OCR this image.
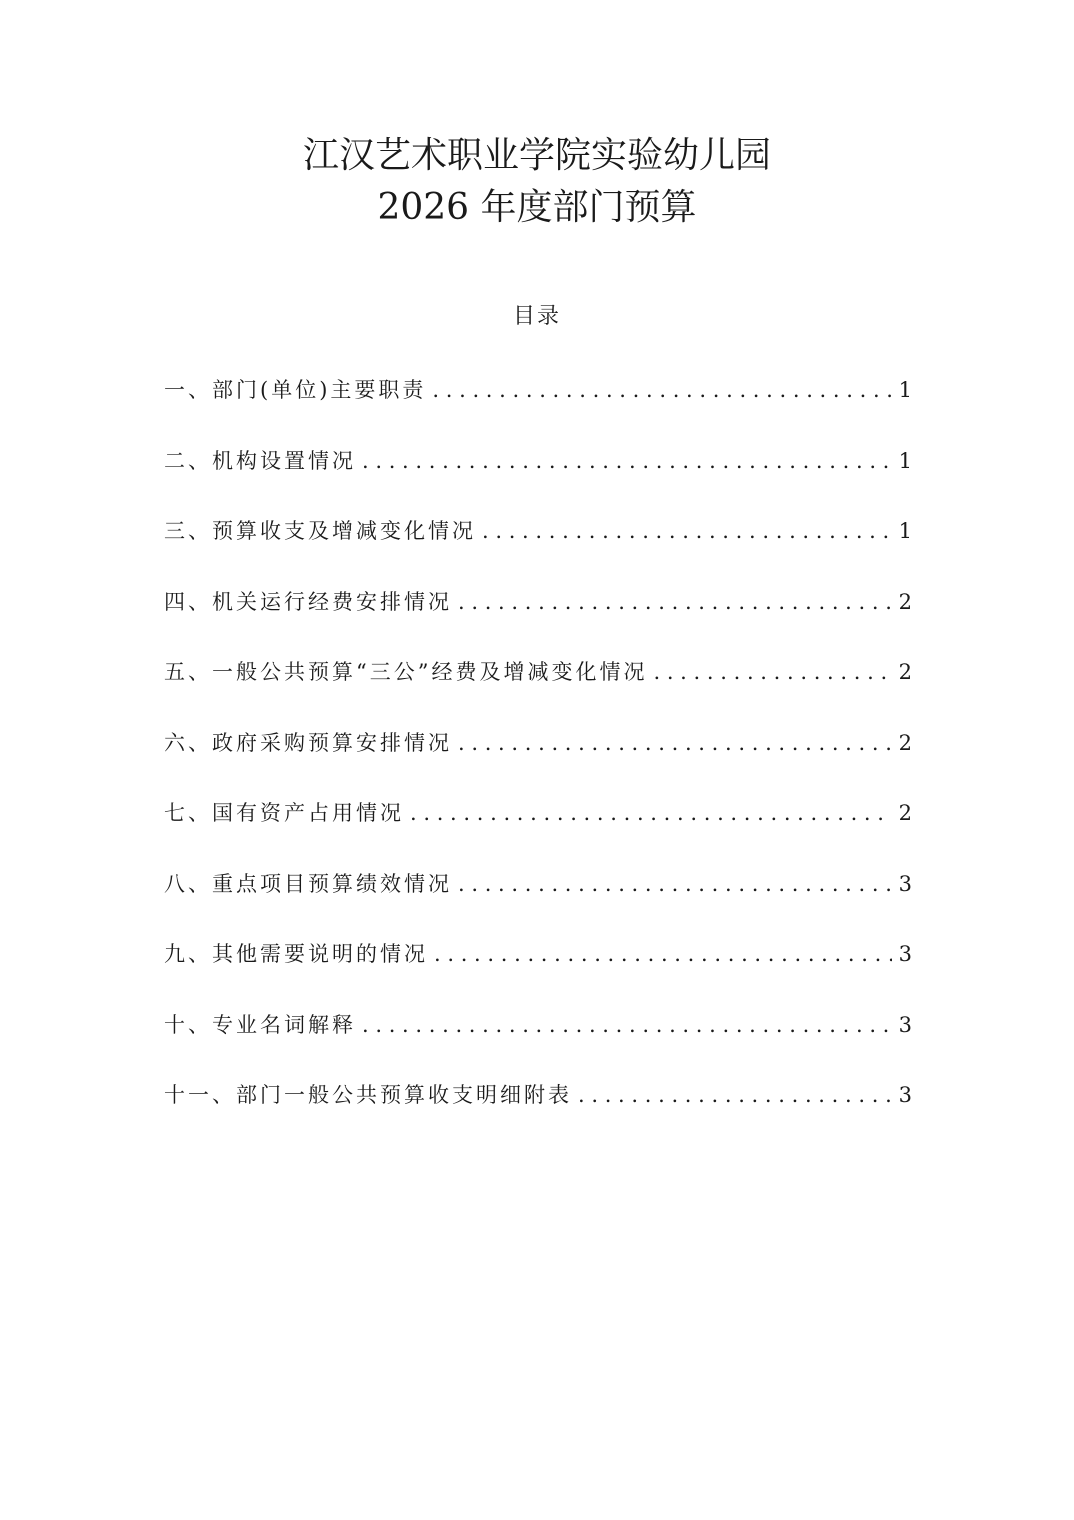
江汉艺术职业学院实验幼儿园
2026 年度部门预算
目录
一、部门(单位)主要职责 . . .	1
二、机构设置情况 . . .	1
三、预算收支及增减变化情况 . . .	1
四、机关运行经费安排情况 . . .	2
五、一般公共预算“三公”经费及增减变化情况 . . .	2
六、政府采购预算安排情况 . . .	2
七、国有资产占用情况 . . .	2
八、重点项目预算绩效情况 . . .	3
九、其他需要说明的情况 . . .	3
十、专业名词解释 . . .	3
十一、部门一般公共预算收支明细附表 . . .	3
